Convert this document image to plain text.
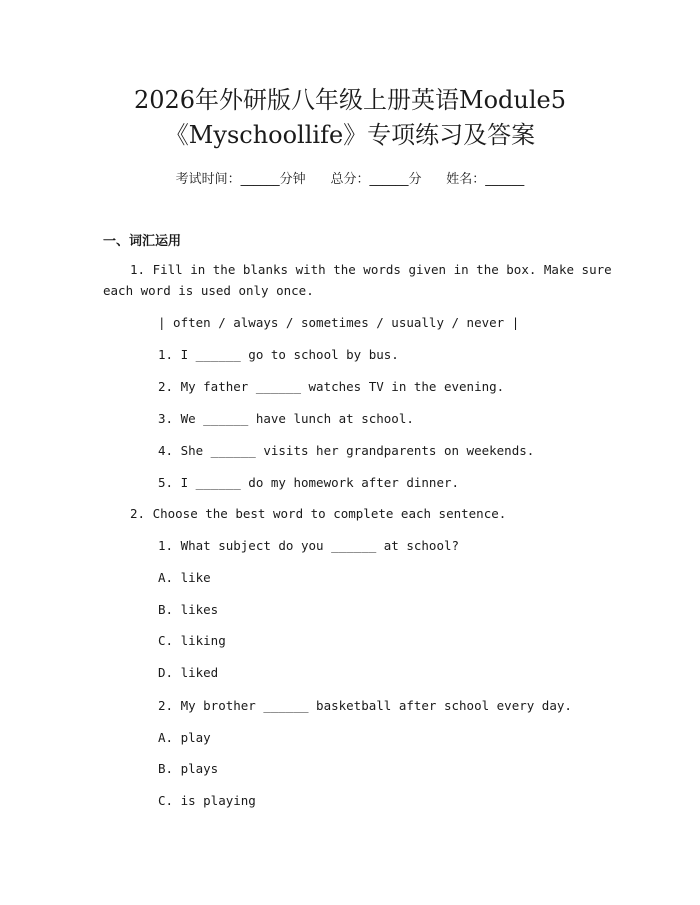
2026年外研版八年级上册英语Module5
《Myschoollife》专项练习及答案
考试时间：______分钟 总分：______分 姓名：______
一、词汇运用
1. Fill in the blanks with the words given in the box. Make sure
each word is used only once.
| often / always / sometimes / usually / never |
1. I ______ go to school by bus.
2. My father ______ watches TV in the evening.
3. We ______ have lunch at school.
4. She ______ visits her grandparents on weekends.
5. I ______ do my homework after dinner.
2. Choose the best word to complete each sentence.
1. What subject do you ______ at school?
A. like
B. likes
C. liking
D. liked
2. My brother ______ basketball after school every day.
A. play
B. plays
C. is playing
